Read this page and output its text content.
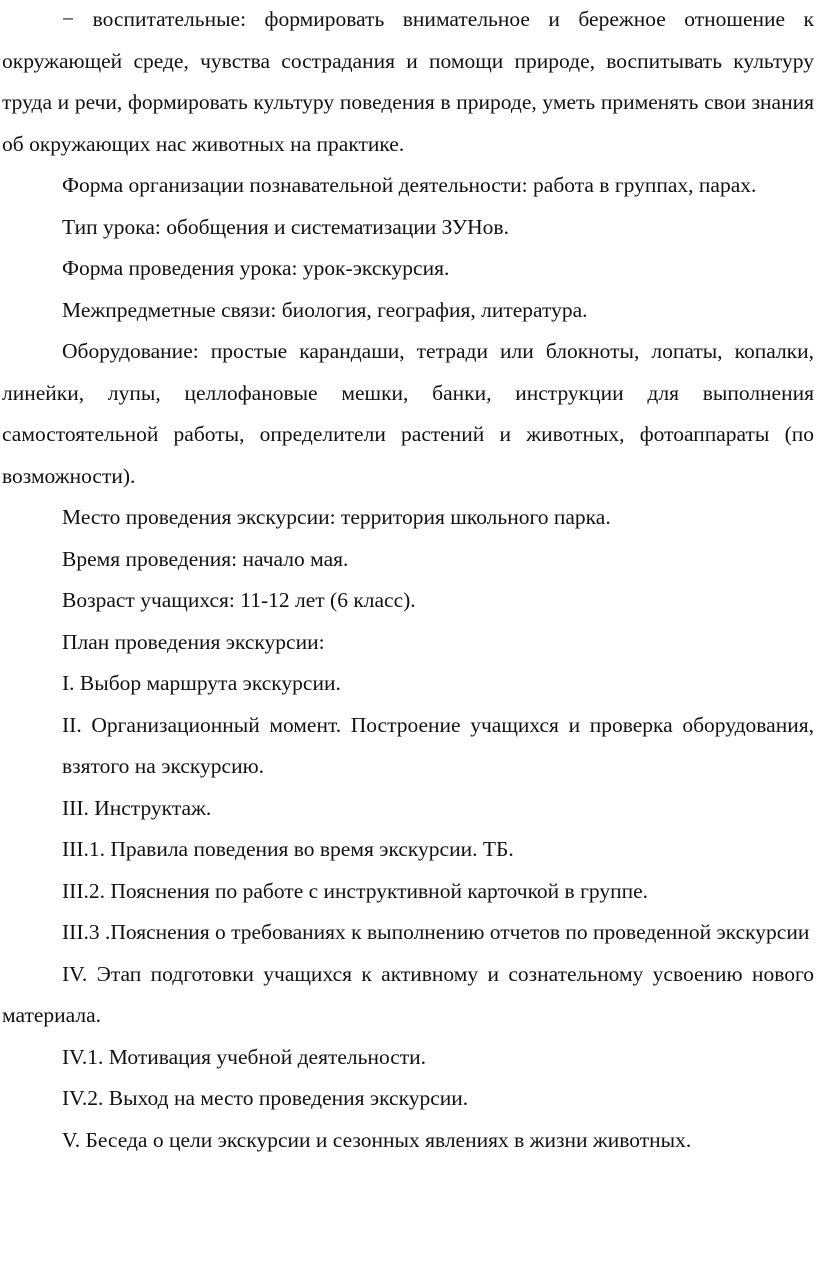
− воспитательные: формировать внимательное и бережное отношение к окружающей среде, чувства сострадания и помощи природе, воспитывать культуру труда и речи, формировать культуру поведения в природе, уметь применять свои знания об окружающих нас животных на практике.

Форма организации познавательной деятельности: работа в группах, парах.

Тип урока: обобщения и систематизации ЗУНов.

Форма проведения урока: урок-экскурсия.

Межпредметные связи: биология, география, литература.

Оборудование: простые карандаши, тетради или блокноты, лопаты, копалки, линейки, лупы, целлофановые мешки, банки, инструкции для выполнения самостоятельной работы, определители растений и животных, фотоаппараты (по возможности).

Место проведения экскурсии: территория школьного парка.

Время проведения: начало мая.

Возраст учащихся: 11-12 лет (6 класс).

План проведения экскурсии:

I. Выбор маршрута экскурсии.

II. Организационный момент. Построение учащихся и проверка оборудования, взятого на экскурсию.

III. Инструктаж.

III.1. Правила поведения во время экскурсии. ТБ.

III.2. Пояснения по работе с инструктивной карточкой в группе.

III.3 .Пояснения о требованиях к выполнению отчетов по проведенной экскурсии

IV. Этап подготовки учащихся к активному и сознательному усвоению нового материала.

IV.1. Мотивация учебной деятельности.

IV.2. Выход на место проведения экскурсии.

V. Беседа о цели экскурсии и сезонных явлениях в жизни животных.
